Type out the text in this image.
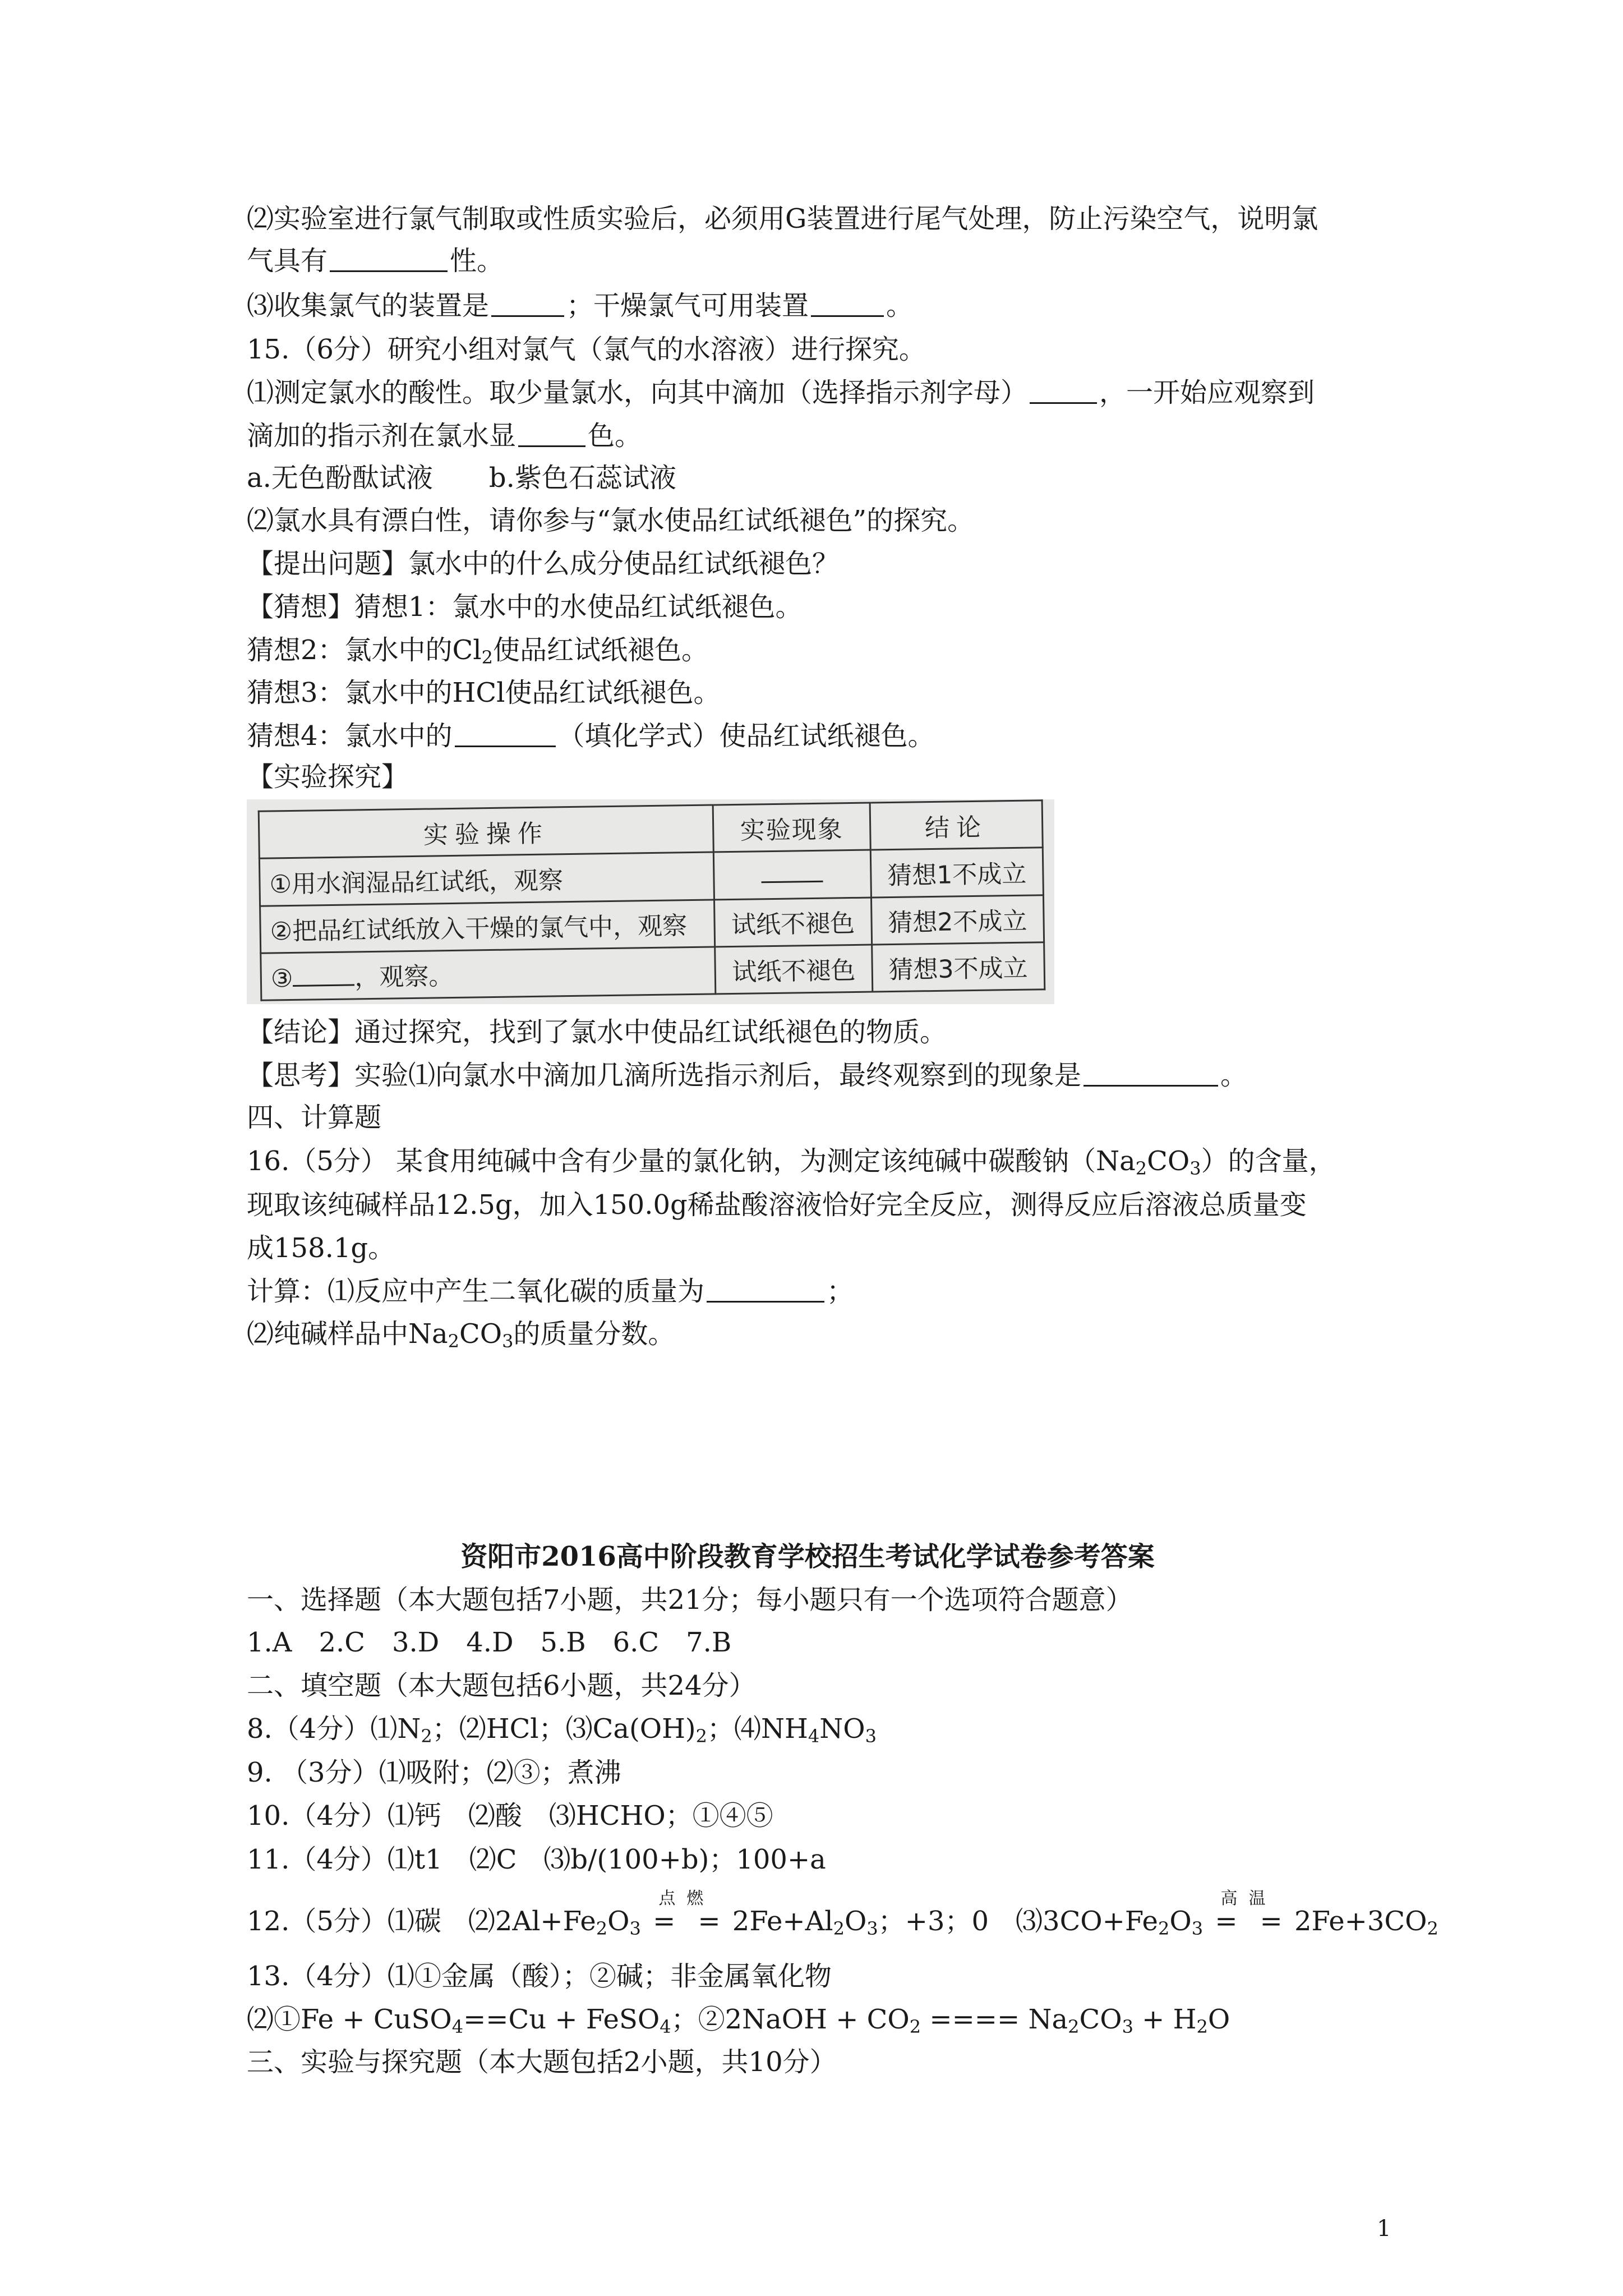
⑵实验室进行氯气制取或性质实验后，必须用G装置进行尾气处理，防止污染空气，说明氯
气具有	性。
⑶收集氯气的装置是	；干燥氯气可用装置	。
15.（6分）研究小组对氯气（氯气的水溶液）进行探究。
⑴测定氯水的酸性。取少量氯水，向其中滴加（选择指示剂字母）	，一开始应观察到
滴加的指示剂在氯水显	色。
a.无色酚酞试液 b.紫色石蕊试液
⑵氯水具有漂白性，请你参与“氯水使品红试纸褪色”的探究。
【提出问题】氯水中的什么成分使品红试纸褪色？
【猜想】猜想1：氯水中的水使品红试纸褪色。
猜想2：氯水中的$Cl_2$使品红试纸褪色。
猜想3：氯水中的HCl使品红试纸褪色。
猜想4：氯水中的	（填化学式）使品红试纸褪色。
【实验探究】
实验操作	实验现象	结论
①用水润湿品红试纸，观察		猜想1不成立
②把品红试纸放入干燥的氯气中，观察	试纸不褪色	猜想2不成立
③ ，观察。	试纸不褪色	猜想3不成立
【结论】通过探究，找到了氯水中使品红试纸褪色的物质。
【思考】实验⑴向氯水中滴加几滴所选指示剂后，最终观察到的现象是	。
四、计算题
16.（5分） 某食用纯碱中含有少量的氯化钠，为测定该纯碱中碳酸钠$(Na_2CO_3)$的含量，
现取该纯碱样品12.5g，加入150.0g稀盐酸溶液恰好完全反应，测得反应后溶液总质量变
成158.1g。
计算：⑴反应中产生二氧化碳的质量为	；
⑵纯碱样品中$Na_2CO_3$的质量分数。
资阳市2016高中阶段教育学校招生考试化学试卷参考答案
一、选择题（本大题包括7小题，共21分；每小题只有一个选项符合题意）
1.A　2.C　3.D　4.D　5.B　6.C　7.B
二、填空题（本大题包括6小题，共24分）
8.（4分）$⑴N_2$；⑵HCl；$⑶Ca(OH)_2$；$⑷NH_4NO_3$
9. （3分）⑴吸附；⑵③；煮沸
10.（4分）⑴钙　⑵酸　⑶HCHO；①④⑤
11.（4分）⑴t1　⑵C　⑶b/(100+b)；100+a
12.（5分）⑴碳　$⑵2Al+Fe_2O_3$
点燃
= = $2Fe+Al_2O_3$；+3；0　$⑶3CO+Fe_2O_3$
高温
= = $2Fe+3CO_2$
13.（4分）⑴①金属（酸）；②碱；非金属氧化物
⑵①Fe + CuSO$_4$==Cu + FeSO$_4$；②2NaOH + $CO_2$ ==== $Na_2CO_3 + H_2O$
三、实验与探究题（本大题包括2小题，共10分）
1
